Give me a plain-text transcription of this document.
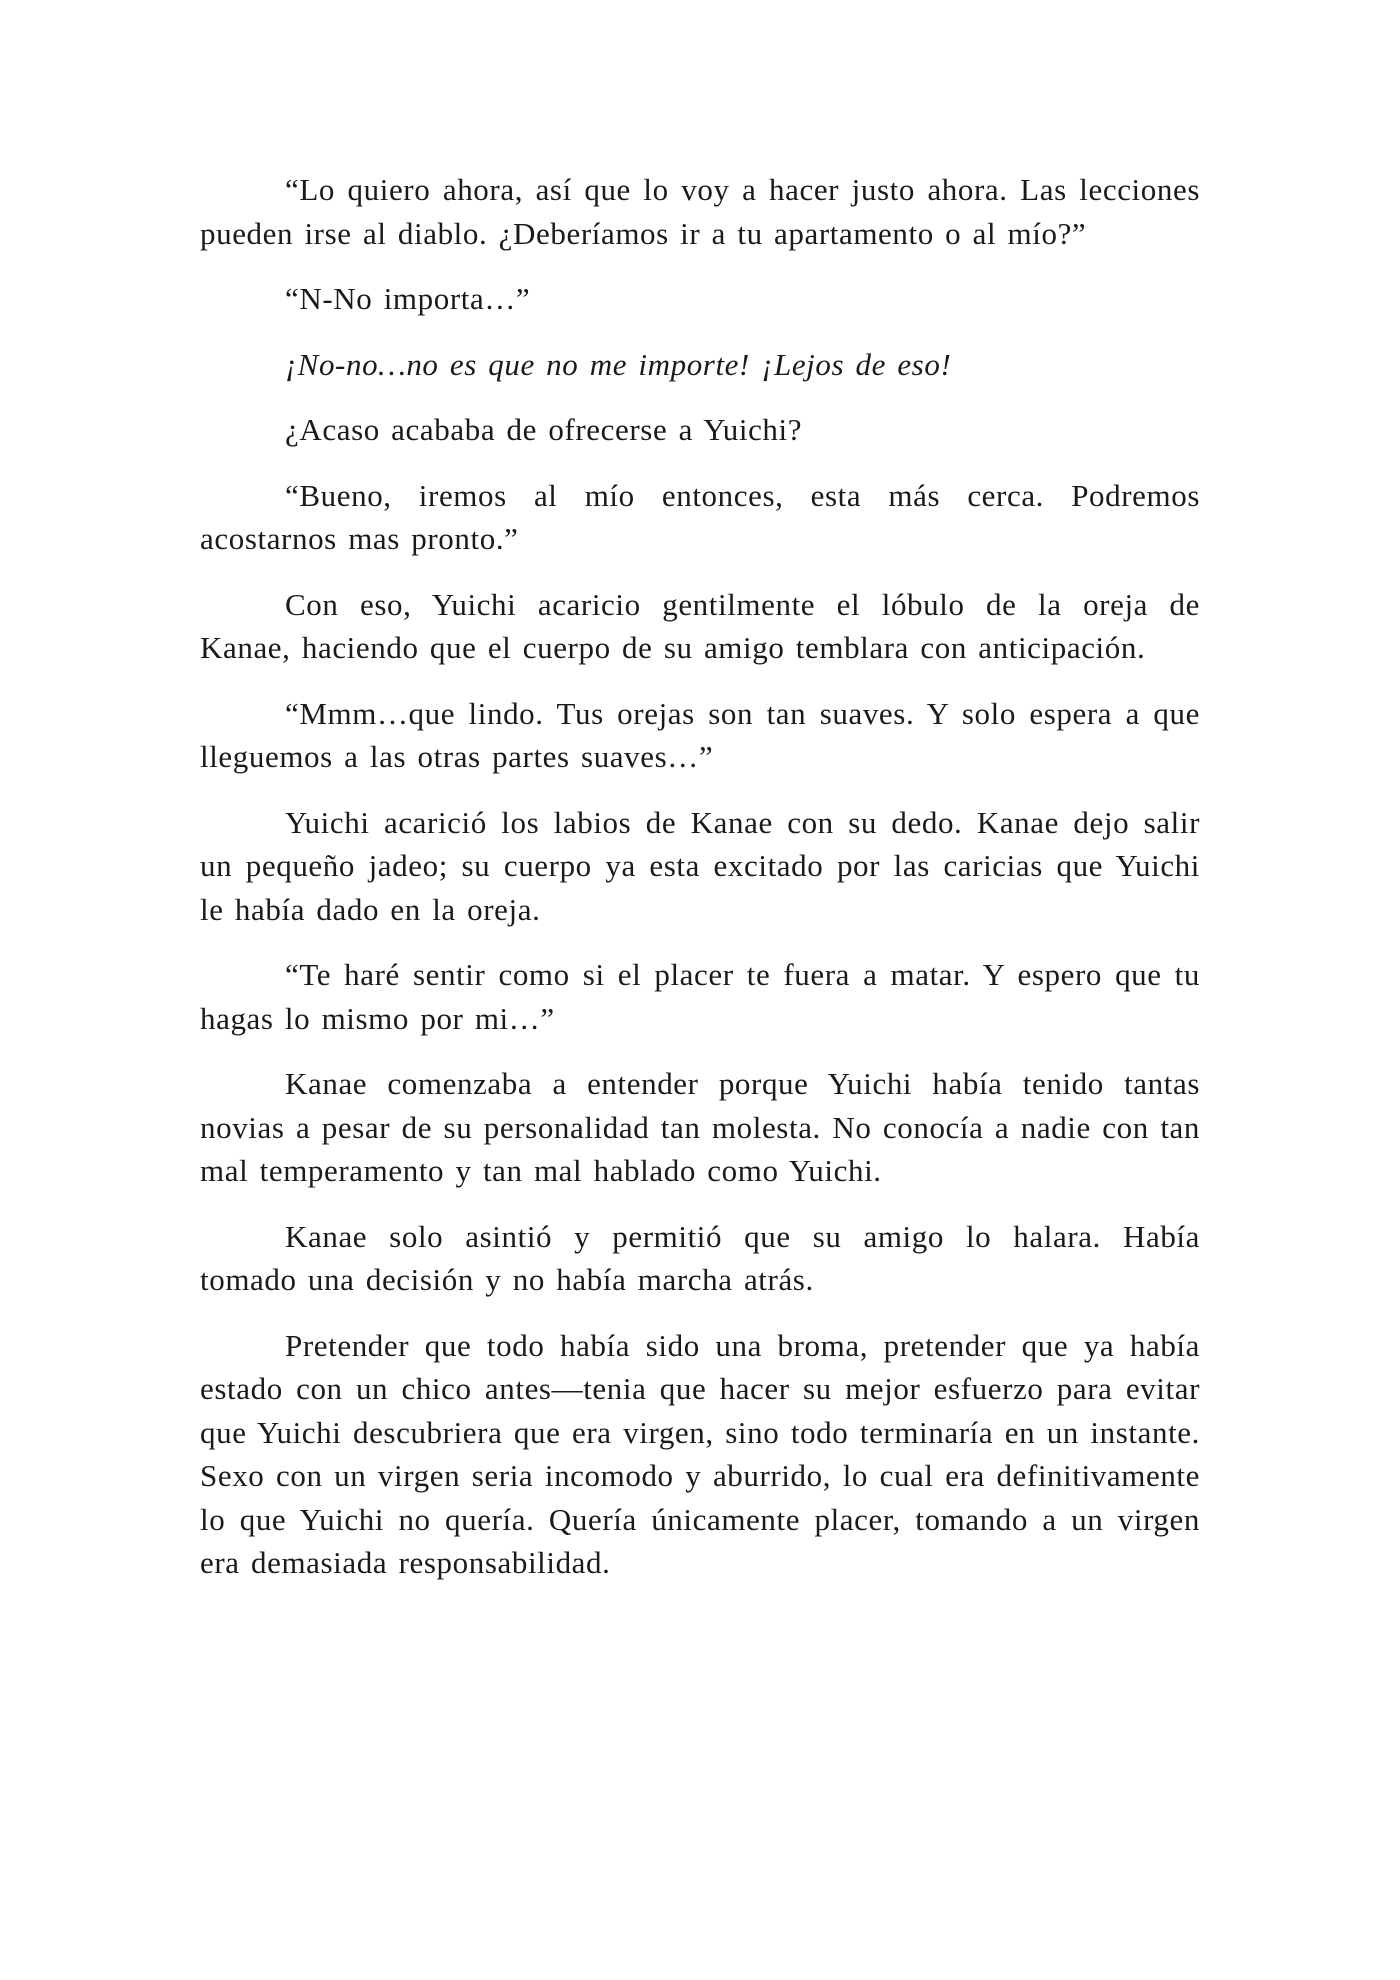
“Lo quiero ahora, así que lo voy a hacer justo ahora. Las lecciones pueden irse al diablo. ¿Deberíamos ir a tu apartamento o al mío?”

“N-No importa…”

¡No-no…no es que no me importe! ¡Lejos de eso!

¿Acaso acababa de ofrecerse a Yuichi?

“Bueno, iremos al mío entonces, esta más cerca. Podremos acostarnos mas pronto.”

Con eso, Yuichi acaricio gentilmente el lóbulo de la oreja de Kanae, haciendo que el cuerpo de su amigo temblara con anticipación.

“Mmm…que lindo. Tus orejas son tan suaves. Y solo espera a que lleguemos a las otras partes suaves…”

Yuichi acarició los labios de Kanae con su dedo. Kanae dejo salir un pequeño jadeo; su cuerpo ya esta excitado por las caricias que Yuichi le había dado en la oreja.

“Te haré sentir como si el placer te fuera a matar. Y espero que tu hagas lo mismo por mi…”

Kanae comenzaba a entender porque Yuichi había tenido tantas novias a pesar de su personalidad tan molesta. No conocía a nadie con tan mal temperamento y tan mal hablado como Yuichi.

Kanae solo asintió y permitió que su amigo lo halara. Había tomado una decisión y no había marcha atrás.

Pretender que todo había sido una broma, pretender que ya había estado con un chico antes—tenia que hacer su mejor esfuerzo para evitar que Yuichi descubriera que era virgen, sino todo terminaría en un instante. Sexo con un virgen seria incomodo y aburrido, lo cual era definitivamente lo que Yuichi no quería. Quería únicamente placer, tomando a un virgen era demasiada responsabilidad.
